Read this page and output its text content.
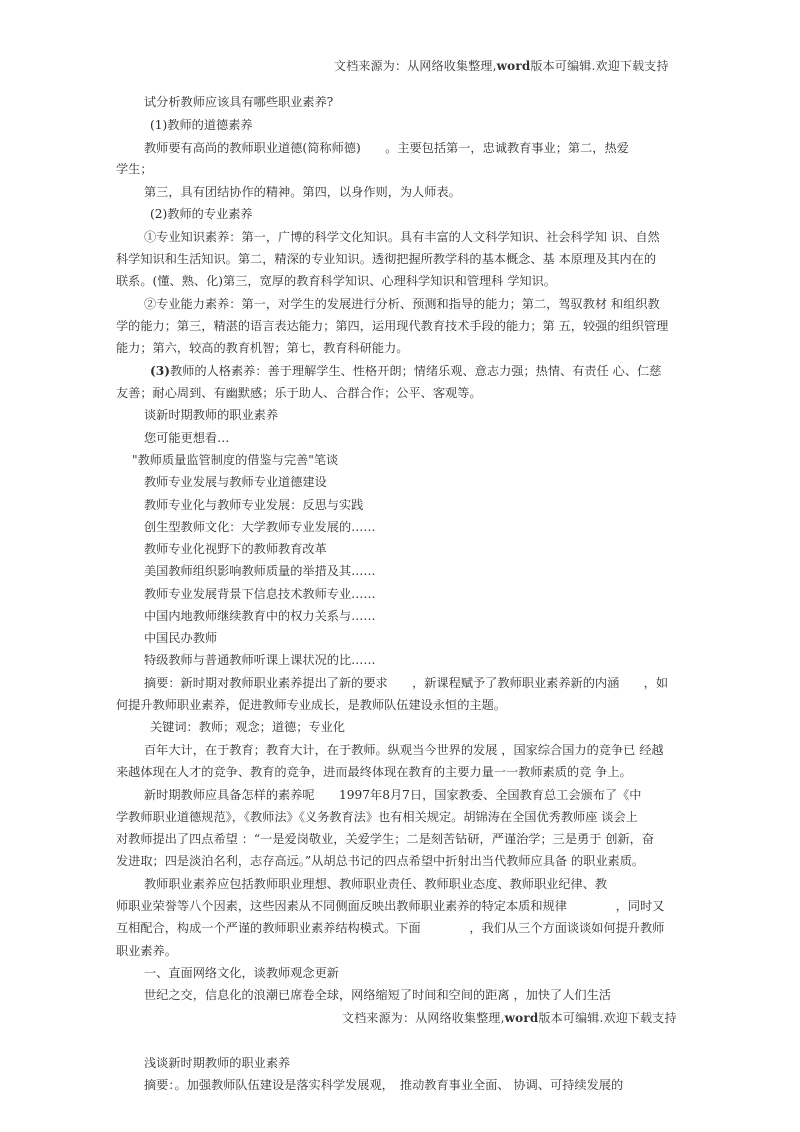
文档来源为：从网络收集整理,word版本可编辑.欢迎下载支持
试分析教师应该具有哪些职业素养?
(1)教师的道德素养
教师要有高尚的教师职业道德(简称师德)　　。主要包括第一，忠诚教育事业；第二，热爱
学生；
第三，具有团结协作的精神。第四，以身作则，为人师表。
(2)教师的专业素养
①专业知识素养：第一，广博的科学文化知识。具有丰富的人文科学知识、社会科学知 识、自然
科学知识和生活知识。第二，精深的专业知识。透彻把握所教学科的基本概念、基 本原理及其内在的
联系。(懂、熟、化)第三，宽厚的教育科学知识、心理科学知识和管理科 学知识。
②专业能力素养：第一，对学生的发展进行分析、预测和指导的能力；第二，驾驭教材 和组织教
学的能力；第三，精湛的语言表达能力；第四，运用现代教育技术手段的能力；第 五，较强的组织管理
能力；第六，较高的教育机智；第七，教育科研能力。
(3)教师的人格素养：善于理解学生、性格开朗；情绪乐观、意志力强；热情、有责任 心、仁慈
友善；耐心周到、有幽默感；乐于助人、合群合作；公平、客观等。
谈新时期教师的职业素养
您可能更想看…
"教师质量监管制度的借鉴与完善"笔谈
教师专业发展与教师专业道德建设
教师专业化与教师专业发展：反思与实践
创生型教师文化：大学教师专业发展的……
教师专业化视野下的教师教育改革
美国教师组织影响教师质量的举措及其……
教师专业发展背景下信息技术教师专业……
中国内地教师继续教育中的权力关系与……
中国民办教师
特级教师与普通教师听课上课状况的比……
摘要：新时期对教师职业素养提出了新的要求　　，新课程赋予了教师职业素养新的内涵　　，如
何提升教师职业素养，促进教师专业成长，是教师队伍建设永恒的主题。
关键词：教师；观念；道德；专业化
百年大计，在于教育；教育大计，在于教师。纵观当今世界的发展 ，国家综合国力的竞争已 经越
来越体现在人才的竞争、教育的竞争，进而最终体现在教育的主要力量一一教师素质的竞 争上。
新时期教师应具备怎样的素养呢　　1997年8月7日，国家教委、全国教育总工会颁布了《中
学教师职业道德规范》，《教师法》《义务教育法》也有相关规定。胡锦涛在全国优秀教师座 谈会上
对教师提出了四点希望 ：“一是爱岗敬业，关爱学生；二是刻苦钻研，严谨治学；三是勇于 创新，奋
发进取；四是淡泊名利，志存高远。”从胡总书记的四点希望中折射出当代教师应具备 的职业素质。
教师职业素养应包括教师职业理想、教师职业责任、教师职业态度、教师职业纪律、教
师职业荣誉等八个因素，这些因素从不同侧面反映出教师职业素养的特定本质和规律　　　　，同时又
互相配合，构成一个严谨的教师职业素养结构模式。下面　　　　，我们从三个方面谈谈如何提升教师
职业素养。
一、直面网络文化，谈教师观念更新
世纪之交，信息化的浪潮已席卷全球，网络缩短了时间和空间的距离 ，加快了人们生活
文档来源为：从网络收集整理,word版本可编辑.欢迎下载支持
浅谈新时期教师的职业素养
摘要：。加强教师队伍建设是落实科学发展观，　推动教育事业全面、 协调、可持续发展的
